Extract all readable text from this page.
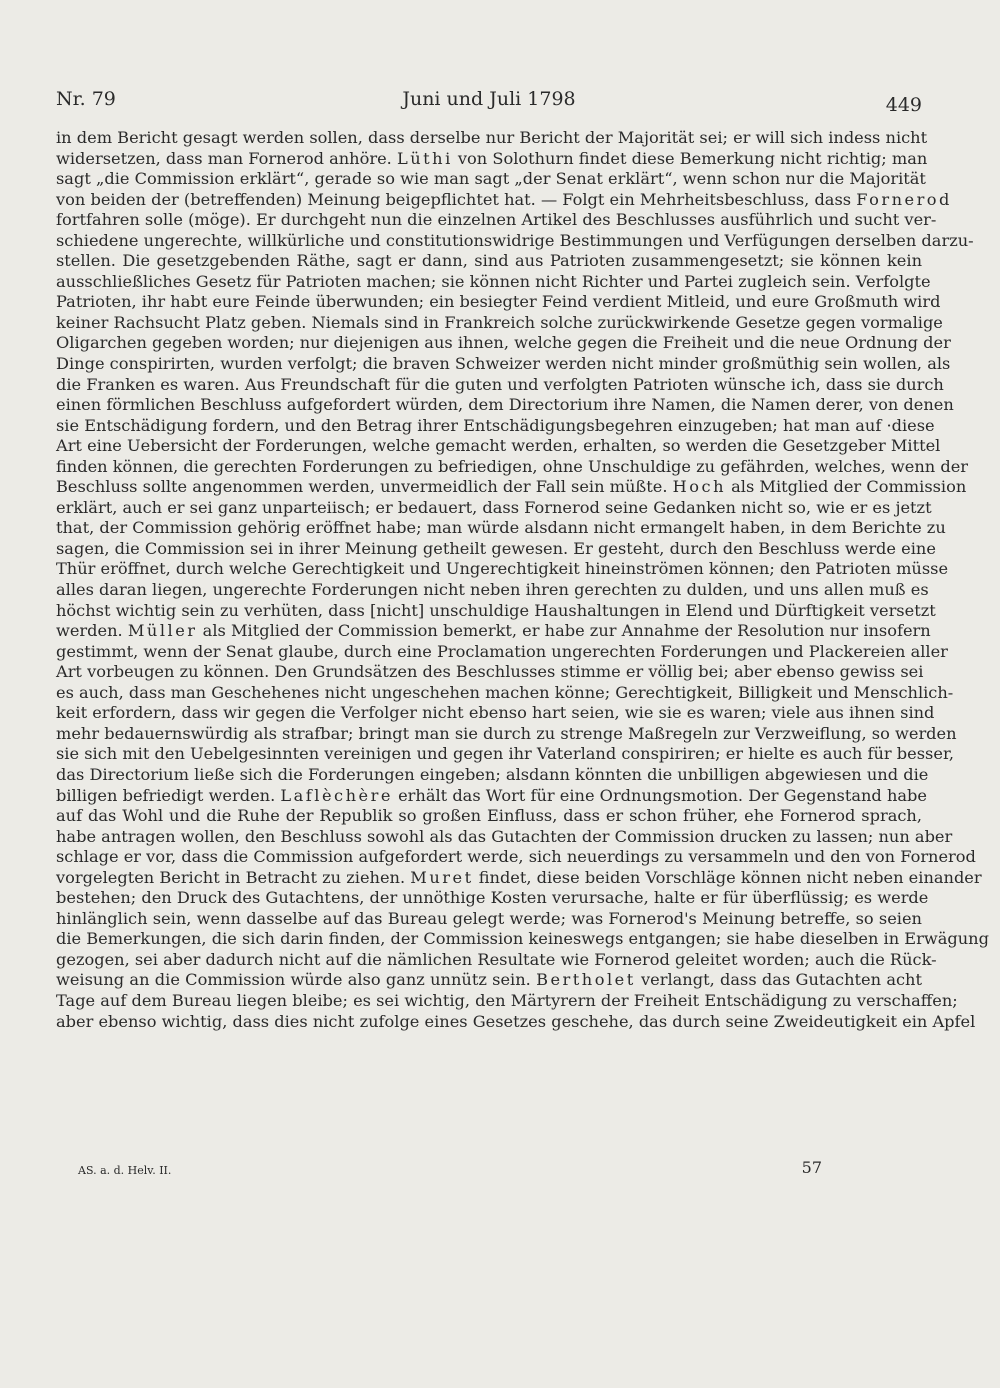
Nr. 79	Juni und Juli 1798	449
in dem Bericht gesagt werden sollen, dass derselbe nur Bericht der Majorität sei; er will sich indess nicht
widersetzen, dass man Fornerod anhöre. Lüthi von Solothurn findet diese Bemerkung nicht richtig; man
sagt „die Commission erklärt“, gerade so wie man sagt „der Senat erklärt“, wenn schon nur die Majorität
von beiden der (betreffenden) Meinung beigepflichtet hat. — Folgt ein Mehrheitsbeschluss, dass Fornerod
fortfahren solle (möge). Er durchgeht nun die einzelnen Artikel des Beschlusses ausführlich und sucht ver-
schiedene ungerechte, willkürliche und constitutionswidrige Bestimmungen und Verfügungen derselben darzu-
stellen. Die gesetzgebenden Räthe, sagt er dann, sind aus Patrioten zusammengesetzt; sie können kein
ausschließliches Gesetz für Patrioten machen; sie können nicht Richter und Partei zugleich sein. Verfolgte
Patrioten, ihr habt eure Feinde überwunden; ein besiegter Feind verdient Mitleid, und eure Großmuth wird
keiner Rachsucht Platz geben. Niemals sind in Frankreich solche zurückwirkende Gesetze gegen vormalige
Oligarchen gegeben worden; nur diejenigen aus ihnen, welche gegen die Freiheit und die neue Ordnung der
Dinge conspirirten, wurden verfolgt; die braven Schweizer werden nicht minder großmüthig sein wollen, als
die Franken es waren. Aus Freundschaft für die guten und verfolgten Patrioten wünsche ich, dass sie durch
einen förmlichen Beschluss aufgefordert würden, dem Directorium ihre Namen, die Namen derer, von denen
sie Entschädigung fordern, und den Betrag ihrer Entschädigungsbegehren einzugeben; hat man auf ·diese
Art eine Uebersicht der Forderungen, welche gemacht werden, erhalten, so werden die Gesetzgeber Mittel
finden können, die gerechten Forderungen zu befriedigen, ohne Unschuldige zu gefährden, welches, wenn der
Beschluss sollte angenommen werden, unvermeidlich der Fall sein müßte. Hoch als Mitglied der Commission
erklärt, auch er sei ganz unparteiisch; er bedauert, dass Fornerod seine Gedanken nicht so, wie er es jetzt
that, der Commission gehörig eröffnet habe; man würde alsdann nicht ermangelt haben, in dem Berichte zu
sagen, die Commission sei in ihrer Meinung getheilt gewesen. Er gesteht, durch den Beschluss werde eine
Thür eröffnet, durch welche Gerechtigkeit und Ungerechtigkeit hineinströmen können; den Patrioten müsse
alles daran liegen, ungerechte Forderungen nicht neben ihren gerechten zu dulden, und uns allen muß es
höchst wichtig sein zu verhüten, dass [nicht] unschuldige Haushaltungen in Elend und Dürftigkeit versetzt
werden. Müller als Mitglied der Commission bemerkt, er habe zur Annahme der Resolution nur insofern
gestimmt, wenn der Senat glaube, durch eine Proclamation ungerechten Forderungen und Plackereien aller
Art vorbeugen zu können. Den Grundsätzen des Beschlusses stimme er völlig bei; aber ebenso gewiss sei
es auch, dass man Geschehenes nicht ungeschehen machen könne; Gerechtigkeit, Billigkeit und Menschlich-
keit erfordern, dass wir gegen die Verfolger nicht ebenso hart seien, wie sie es waren; viele aus ihnen sind
mehr bedauernswürdig als strafbar; bringt man sie durch zu strenge Maßregeln zur Verzweiflung, so werden
sie sich mit den Uebelgesinnten vereinigen und gegen ihr Vaterland conspiriren; er hielte es auch für besser,
das Directorium ließe sich die Forderungen eingeben; alsdann könnten die unbilligen abgewiesen und die
billigen befriedigt werden. Laflèchère erhält das Wort für eine Ordnungsmotion. Der Gegenstand habe
auf das Wohl und die Ruhe der Republik so großen Einfluss, dass er schon früher, ehe Fornerod sprach,
habe antragen wollen, den Beschluss sowohl als das Gutachten der Commission drucken zu lassen; nun aber
schlage er vor, dass die Commission aufgefordert werde, sich neuerdings zu versammeln und den von Fornerod
vorgelegten Bericht in Betracht zu ziehen. Muret findet, diese beiden Vorschläge können nicht neben einander
bestehen; den Druck des Gutachtens, der unnöthige Kosten verursache, halte er für überflüssig; es werde
hinlänglich sein, wenn dasselbe auf das Bureau gelegt werde; was Fornerod's Meinung betreffe, so seien
die Bemerkungen, die sich darin finden, der Commission keineswegs entgangen; sie habe dieselben in Erwägung
gezogen, sei aber dadurch nicht auf die nämlichen Resultate wie Fornerod geleitet worden; auch die Rück-
weisung an die Commission würde also ganz unnütz sein. Bertholet verlangt, dass das Gutachten acht
Tage auf dem Bureau liegen bleibe; es sei wichtig, den Märtyrern der Freiheit Entschädigung zu verschaffen;
aber ebenso wichtig, dass dies nicht zufolge eines Gesetzes geschehe, das durch seine Zweideutigkeit ein Apfel
AS. a. d. Helv. II.	57
